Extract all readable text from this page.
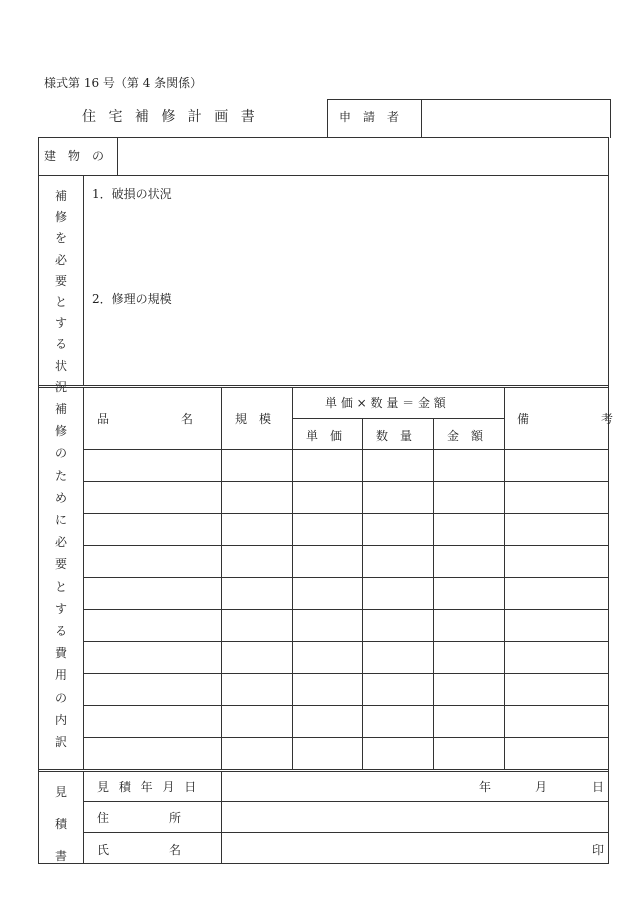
様式第 16 号（第 4 条関係）
住 宅 補 修 計 画 書	申　請　者
建　物　の
補
修
を
必
要
と
す
る
状
1．破損の状況
2．修理の規模
補
修
の
た
め
に
必
要
と
す
る
費
用
の
内
訳
品　　　　　　名	規　模
単 価 × 数 量 ＝ 金 額
単　価	数　量	金　額
備　　　　　　考
見
積
書
見 積 年 月 日	年	月	日
住　　　　　所
氏　　　　　名	印
